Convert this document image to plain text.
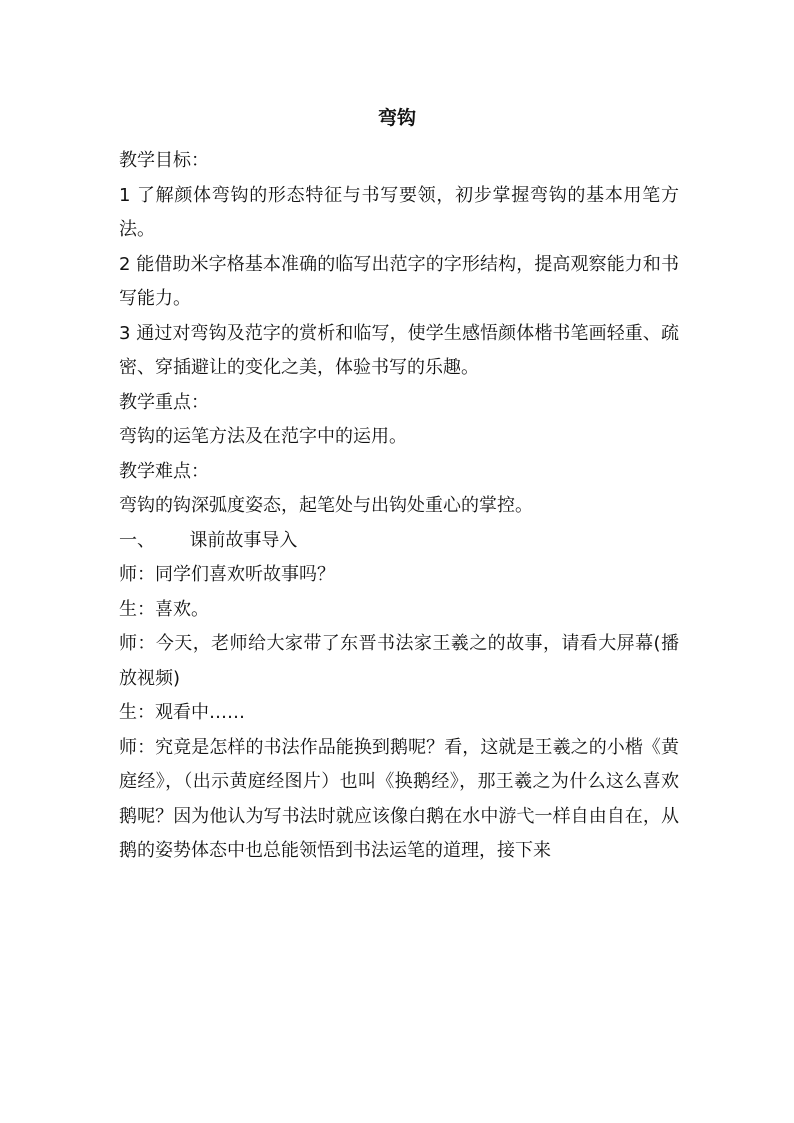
弯钩

教学目标：

1 了解颜体弯钩的形态特征与书写要领，初步掌握弯钩的基本用笔方法。

2 能借助米字格基本准确的临写出范字的字形结构，提高观察能力和书写能力。

3 通过对弯钩及范字的赏析和临写，使学生感悟颜体楷书笔画轻重、疏密、穿插避让的变化之美，体验书写的乐趣。

教学重点：

弯钩的运笔方法及在范字中的运用。

教学难点：

弯钩的钩深弧度姿态，起笔处与出钩处重心的掌控。

一、      课前故事导入

师：同学们喜欢听故事吗？

生：喜欢。

师：今天，老师给大家带了东晋书法家王羲之的故事，请看大屏幕(播放视频)

生：观看中……

师：究竟是怎样的书法作品能换到鹅呢？看，这就是王羲之的小楷《黄庭经》，（出示黄庭经图片）也叫《换鹅经》，那王羲之为什么这么喜欢鹅呢？因为他认为写书法时就应该像白鹅在水中游弋一样自由自在，从鹅的姿势体态中也总能领悟到书法运笔的道理，接下来
